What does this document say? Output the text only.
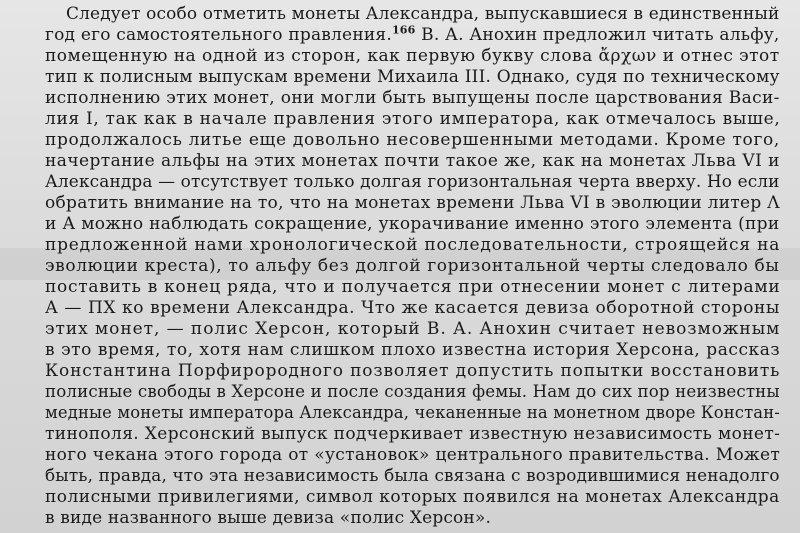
Следует особо отметить монеты Александра, выпускавшиеся в единственный
год его самостоятельного правления.$^{166}$ В. А. Анохин предложил читать альфу,
помещенную на одной из сторон, как первую букву слова ἄρχων и отнес этот
тип к полисным выпускам времени Михаила III. Однако, судя по техническому
исполнению этих монет, они могли быть выпущены после царствования Васи-
лия I, так как в начале правления этого императора, как отмечалось выше,
продолжалось литье еще довольно несовершенными методами. Кроме того,
начертание альфы на этих монетах почти такое же, как на монетах Льва VI и
Александра — отсутствует только долгая горизонтальная черта вверху. Но если
обратить внимание на то, что на монетах времени Льва VI в эволюции литер Λ
и А можно наблюдать сокращение, укорачивание именно этого элемента (при
предложенной нами хронологической последовательности, строящейся на
эволюции креста), то альфу без долгой горизонтальной черты следовало бы
поставить в конец ряда, что и получается при отнесении монет с литерами
А — ПХ ко времени Александра. Что же касается девиза оборотной стороны
этих монет, — полис Херсон, который В. А. Анохин считает невозможным
в это время, то, хотя нам слишком плохо известна история Херсона, рассказ
Константина Порфирородного позволяет допустить попытки восстановить
полисные свободы в Херсоне и после создания фемы. Нам до сих пор неизвестны
медные монеты императора Александра, чеканенные на монетном дворе Констан-
тинополя. Херсонский выпуск подчеркивает известную независимость монет-
ного чекана этого города от «установок» центрального правительства. Может
быть, правда, что эта независимость была связана с возродившимися ненадолго
полисными привилегиями, символ которых появился на монетах Александра
в виде названного выше девиза «полис Херсон».
